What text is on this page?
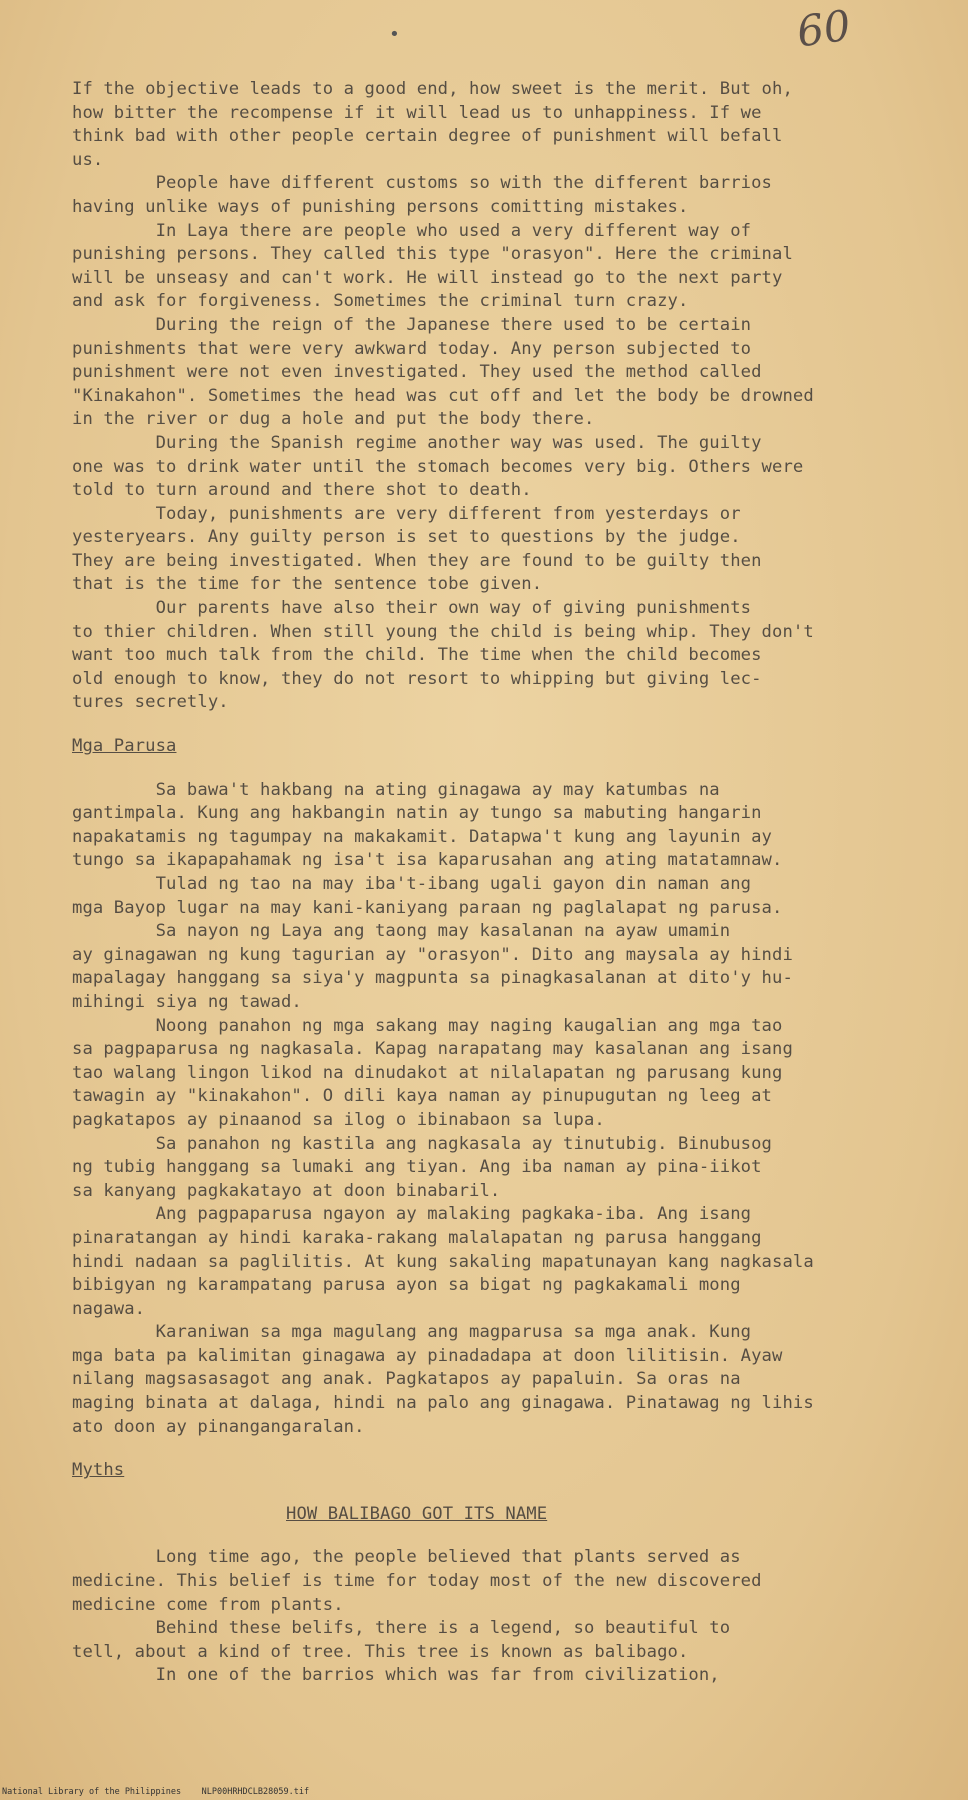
•	60
If the objective leads to a good end, how sweet is the merit. But oh,
how bitter the recompense if it will lead us to unhappiness. If we
think bad with other people certain degree of punishment will befall
us.
People have different customs so with the different barrios
having unlike ways of punishing persons comitting mistakes.
In Laya there are people who used a very different way of
punishing persons. They called this type "orasyon". Here the criminal
will be unseasy and can't work. He will instead go to the next party
and ask for forgiveness. Sometimes the criminal turn crazy.
During the reign of the Japanese there used to be certain
punishments that were very awkward today. Any person subjected to
punishment were not even investigated. They used the method called
"Kinakahon". Sometimes the head was cut off and let the body be drowned
in the river or dug a hole and put the body there.
During the Spanish regime another way was used. The guilty
one was to drink water until the stomach becomes very big. Others were
told to turn around and there shot to death.
Today, punishments are very different from yesterdays or
yesteryears. Any guilty person is set to questions by the judge.
They are being investigated. When they are found to be guilty then
that is the time for the sentence tobe given.
Our parents have also their own way of giving punishments
to thier children. When still young the child is being whip. They don't
want too much talk from the child. The time when the child becomes
old enough to know, they do not resort to whipping but giving lec-
tures secretly.
Mga Parusa
Sa bawa't hakbang na ating ginagawa ay may katumbas na
gantimpala. Kung ang hakbangin natin ay tungo sa mabuting hangarin
napakatamis ng tagumpay na makakamit. Datapwa't kung ang layunin ay
tungo sa ikapapahamak ng isa't isa kaparusahan ang ating matatamnaw.
Tulad ng tao na may iba't-ibang ugali gayon din naman ang
mga Bayop lugar na may kani-kaniyang paraan ng paglalapat ng parusa.
Sa nayon ng Laya ang taong may kasalanan na ayaw umamin
ay ginagawan ng kung tagurian ay "orasyon". Dito ang maysala ay hindi
mapalagay hanggang sa siya'y magpunta sa pinagkasalanan at dito'y hu-
mihingi siya ng tawad.
Noong panahon ng mga sakang may naging kaugalian ang mga tao
sa pagpaparusa ng nagkasala. Kapag narapatang may kasalanan ang isang
tao walang lingon likod na dinudakot at nilalapatan ng parusang kung
tawagin ay "kinakahon". O dili kaya naman ay pinupugutan ng leeg at
pagkatapos ay pinaanod sa ilog o ibinabaon sa lupa.
Sa panahon ng kastila ang nagkasala ay tinutubig. Binubusog
ng tubig hanggang sa lumaki ang tiyan. Ang iba naman ay pina-iikot
sa kanyang pagkakatayo at doon binabaril.
Ang pagpaparusa ngayon ay malaking pagkaka-iba. Ang isang
pinaratangan ay hindi karaka-rakang malalapatan ng parusa hanggang
hindi nadaan sa paglilitis. At kung sakaling mapatunayan kang nagkasala
bibigyan ng karampatang parusa ayon sa bigat ng pagkakamali mong
nagawa.
Karaniwan sa mga magulang ang magparusa sa mga anak. Kung
mga bata pa kalimitan ginagawa ay pinadadapa at doon lilitisin. Ayaw
nilang magsasasagot ang anak. Pagkatapos ay papaluin. Sa oras na
maging binata at dalaga, hindi na palo ang ginagawa. Pinatawag ng lihis
ato doon ay pinangangaralan.
Myths
HOW BALIBAGO GOT ITS NAME
Long time ago, the people believed that plants served as
medicine. This belief is time for today most of the new discovered
medicine come from plants.
Behind these belifs, there is a legend, so beautiful to
tell, about a kind of tree. This tree is known as balibago.
In one of the barrios which was far from civilization,
National Library of the Philippines NLP00HRHDCLB28059.tif
